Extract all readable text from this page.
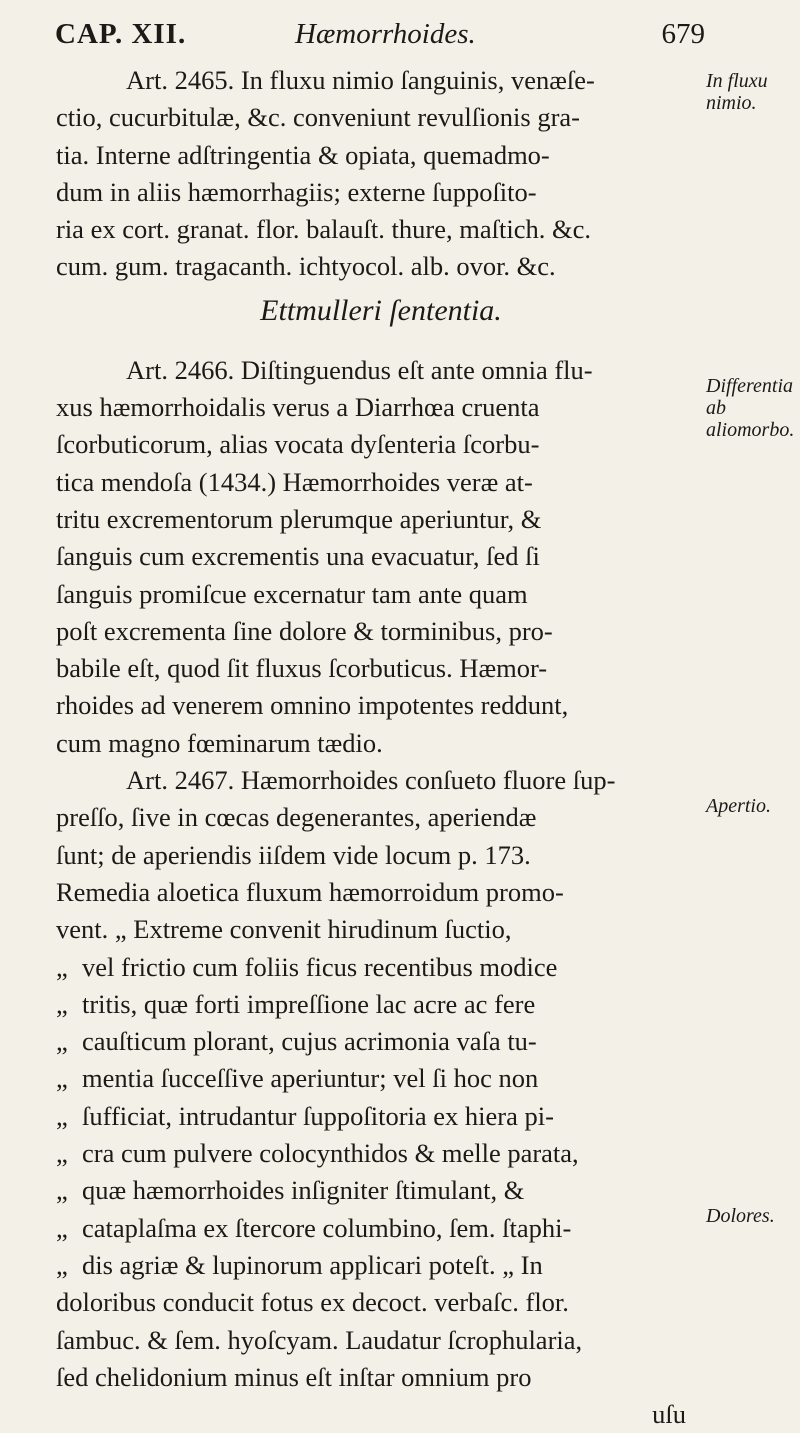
CAP. XII.	Hæmorrhoides.	679
In fluxu nimio.
Differentia ab aliomorbo.
Apertio.
Dolores.
Art. 2465. In fluxu nimio ſanguinis, venæſe-
ctio, cucurbitulæ, &c. conveniunt revulſionis gra-
tia. Interne adſtringentia & opiata, quemadmo-
dum in aliis hæmorrhagiis; externe ſuppoſito-
ria ex cort. granat. flor. balauſt. thure, maſtich. &c.
cum. gum. tragacanth. ichtyocol. alb. ovor. &c.
Ettmulleri ſententia.
Art. 2466. Diſtinguendus eſt ante omnia flu-
xus hæmorrhoidalis verus a Diarrhœa cruenta
ſcorbuticorum, alias vocata dyſenteria ſcorbu-
tica mendoſa (1434.) Hæmorrhoides veræ at-
tritu excrementorum plerumque aperiuntur, &
ſanguis cum excrementis una evacuatur, ſed ſi
ſanguis promiſcue excernatur tam ante quam
poſt excrementa ſine dolore & torminibus, pro-
babile eſt, quod ſit fluxus ſcorbuticus. Hæmor-
rhoides ad venerem omnino impotentes reddunt,
cum magno fœminarum tædio.
Art. 2467. Hæmorrhoides conſueto fluore ſup-
preſſo, ſive in cœcas degenerantes, aperiendæ
ſunt; de aperiendis iiſdem vide locum p. 173.
Remedia aloetica fluxum hæmorroidum promo-
vent. „ Extreme convenit hirudinum ſuctio,
„ vel frictio cum foliis ficus recentibus modice
„ tritis, quæ forti impreſſione lac acre ac fere
„ cauſticum plorant, cujus acrimonia vaſa tu-
„ mentia ſucceſſive aperiuntur; vel ſi hoc non
„ ſufficiat, intrudantur ſuppoſitoria ex hiera pi-
„ cra cum pulvere colocynthidos & melle parata,
„ quæ hæmorrhoides inſigniter ſtimulant, &
„ cataplaſma ex ſtercore columbino, ſem. ſtaphi-
„ dis agriæ & lupinorum applicari poteſt. „ In
doloribus conducit fotus ex decoct. verbaſc. flor.
ſambuc. & ſem. hyoſcyam. Laudatur ſcrophularia,
ſed chelidonium minus eſt inſtar omnium pro
uſu
